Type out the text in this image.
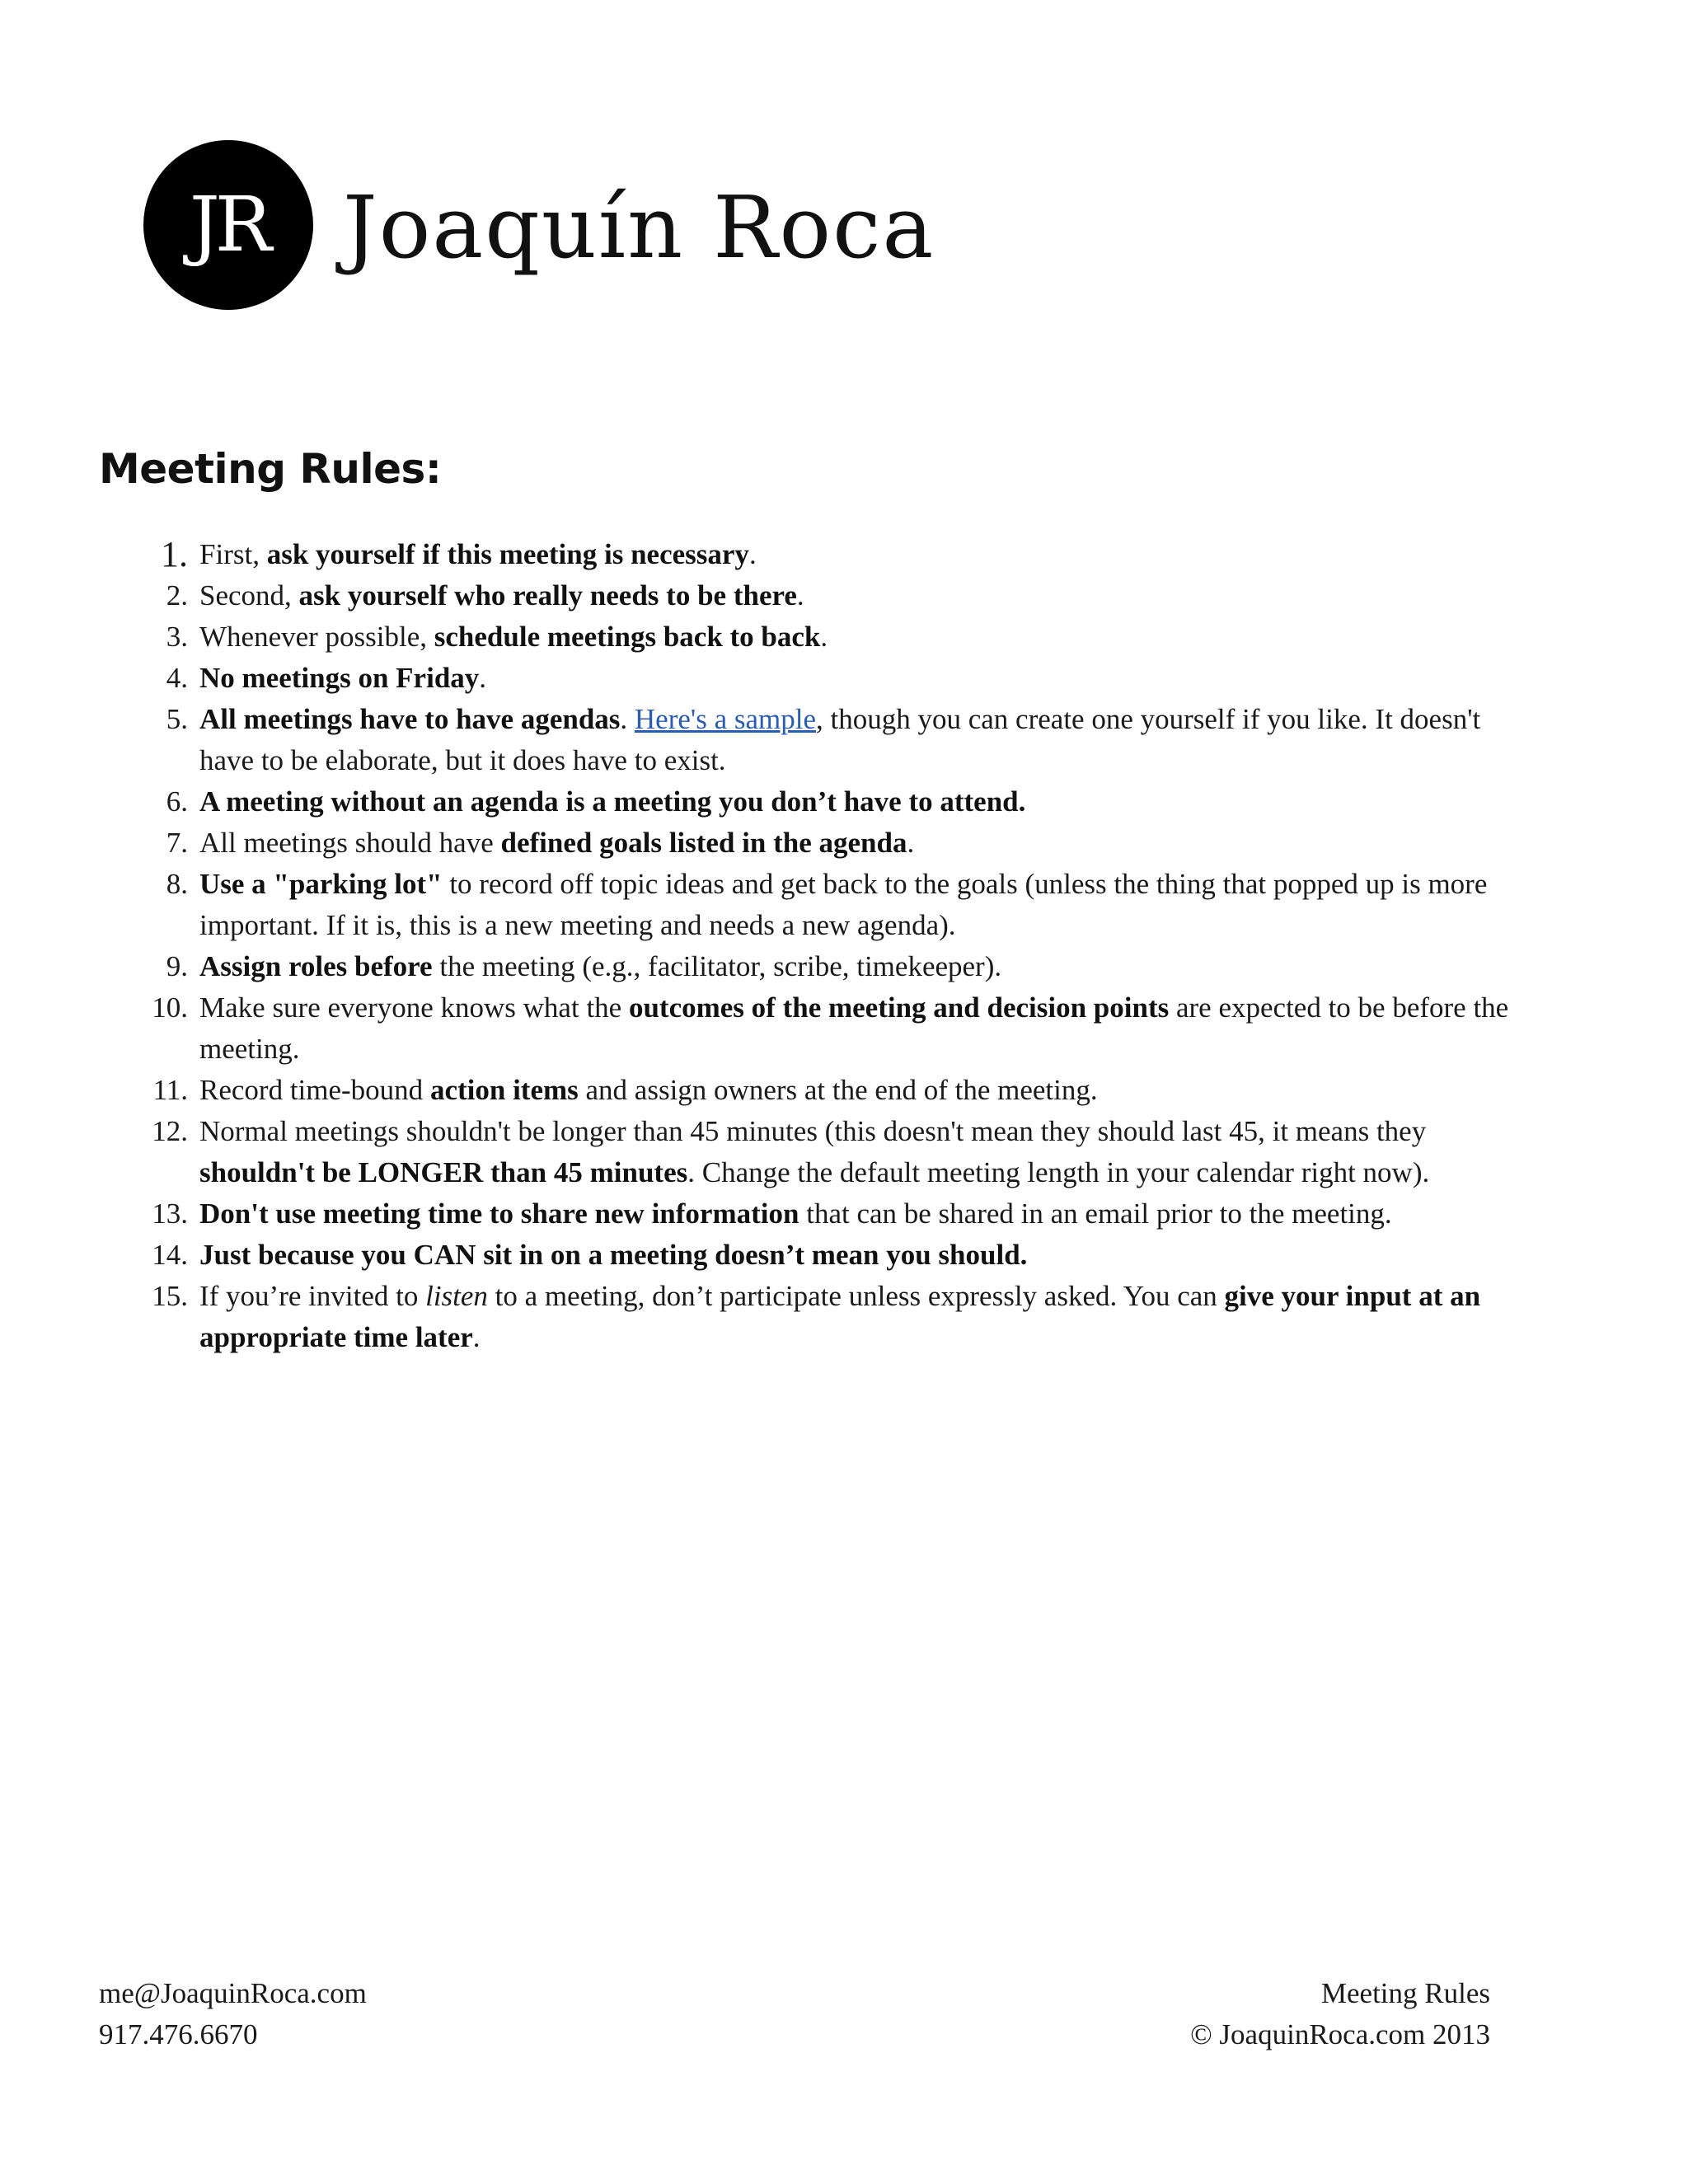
JR Joaquín Roca
Meeting Rules:
1. First, ask yourself if this meeting is necessary.
2. Second, ask yourself who really needs to be there.
3. Whenever possible, schedule meetings back to back.
4. No meetings on Friday.
5. All meetings have to have agendas. Here's a sample, though you can create one yourself if you like. It doesn't have to be elaborate, but it does have to exist.
6. A meeting without an agenda is a meeting you don’t have to attend.
7. All meetings should have defined goals listed in the agenda.
8. Use a "parking lot" to record off topic ideas and get back to the goals (unless the thing that popped up is more important. If it is, this is a new meeting and needs a new agenda).
9. Assign roles before the meeting (e.g., facilitator, scribe, timekeeper).
10. Make sure everyone knows what the outcomes of the meeting and decision points are expected to be before the meeting.
11. Record time-bound action items and assign owners at the end of the meeting.
12. Normal meetings shouldn't be longer than 45 minutes (this doesn't mean they should last 45, it means they shouldn't be LONGER than 45 minutes. Change the default meeting length in your calendar right now).
13. Don't use meeting time to share new information that can be shared in an email prior to the meeting.
14. Just because you CAN sit in on a meeting doesn’t mean you should.
15. If you’re invited to listen to a meeting, don’t participate unless expressly asked. You can give your input at an appropriate time later.
me@JoaquinRoca.com
917.476.6670
Meeting Rules
© JoaquinRoca.com 2013
